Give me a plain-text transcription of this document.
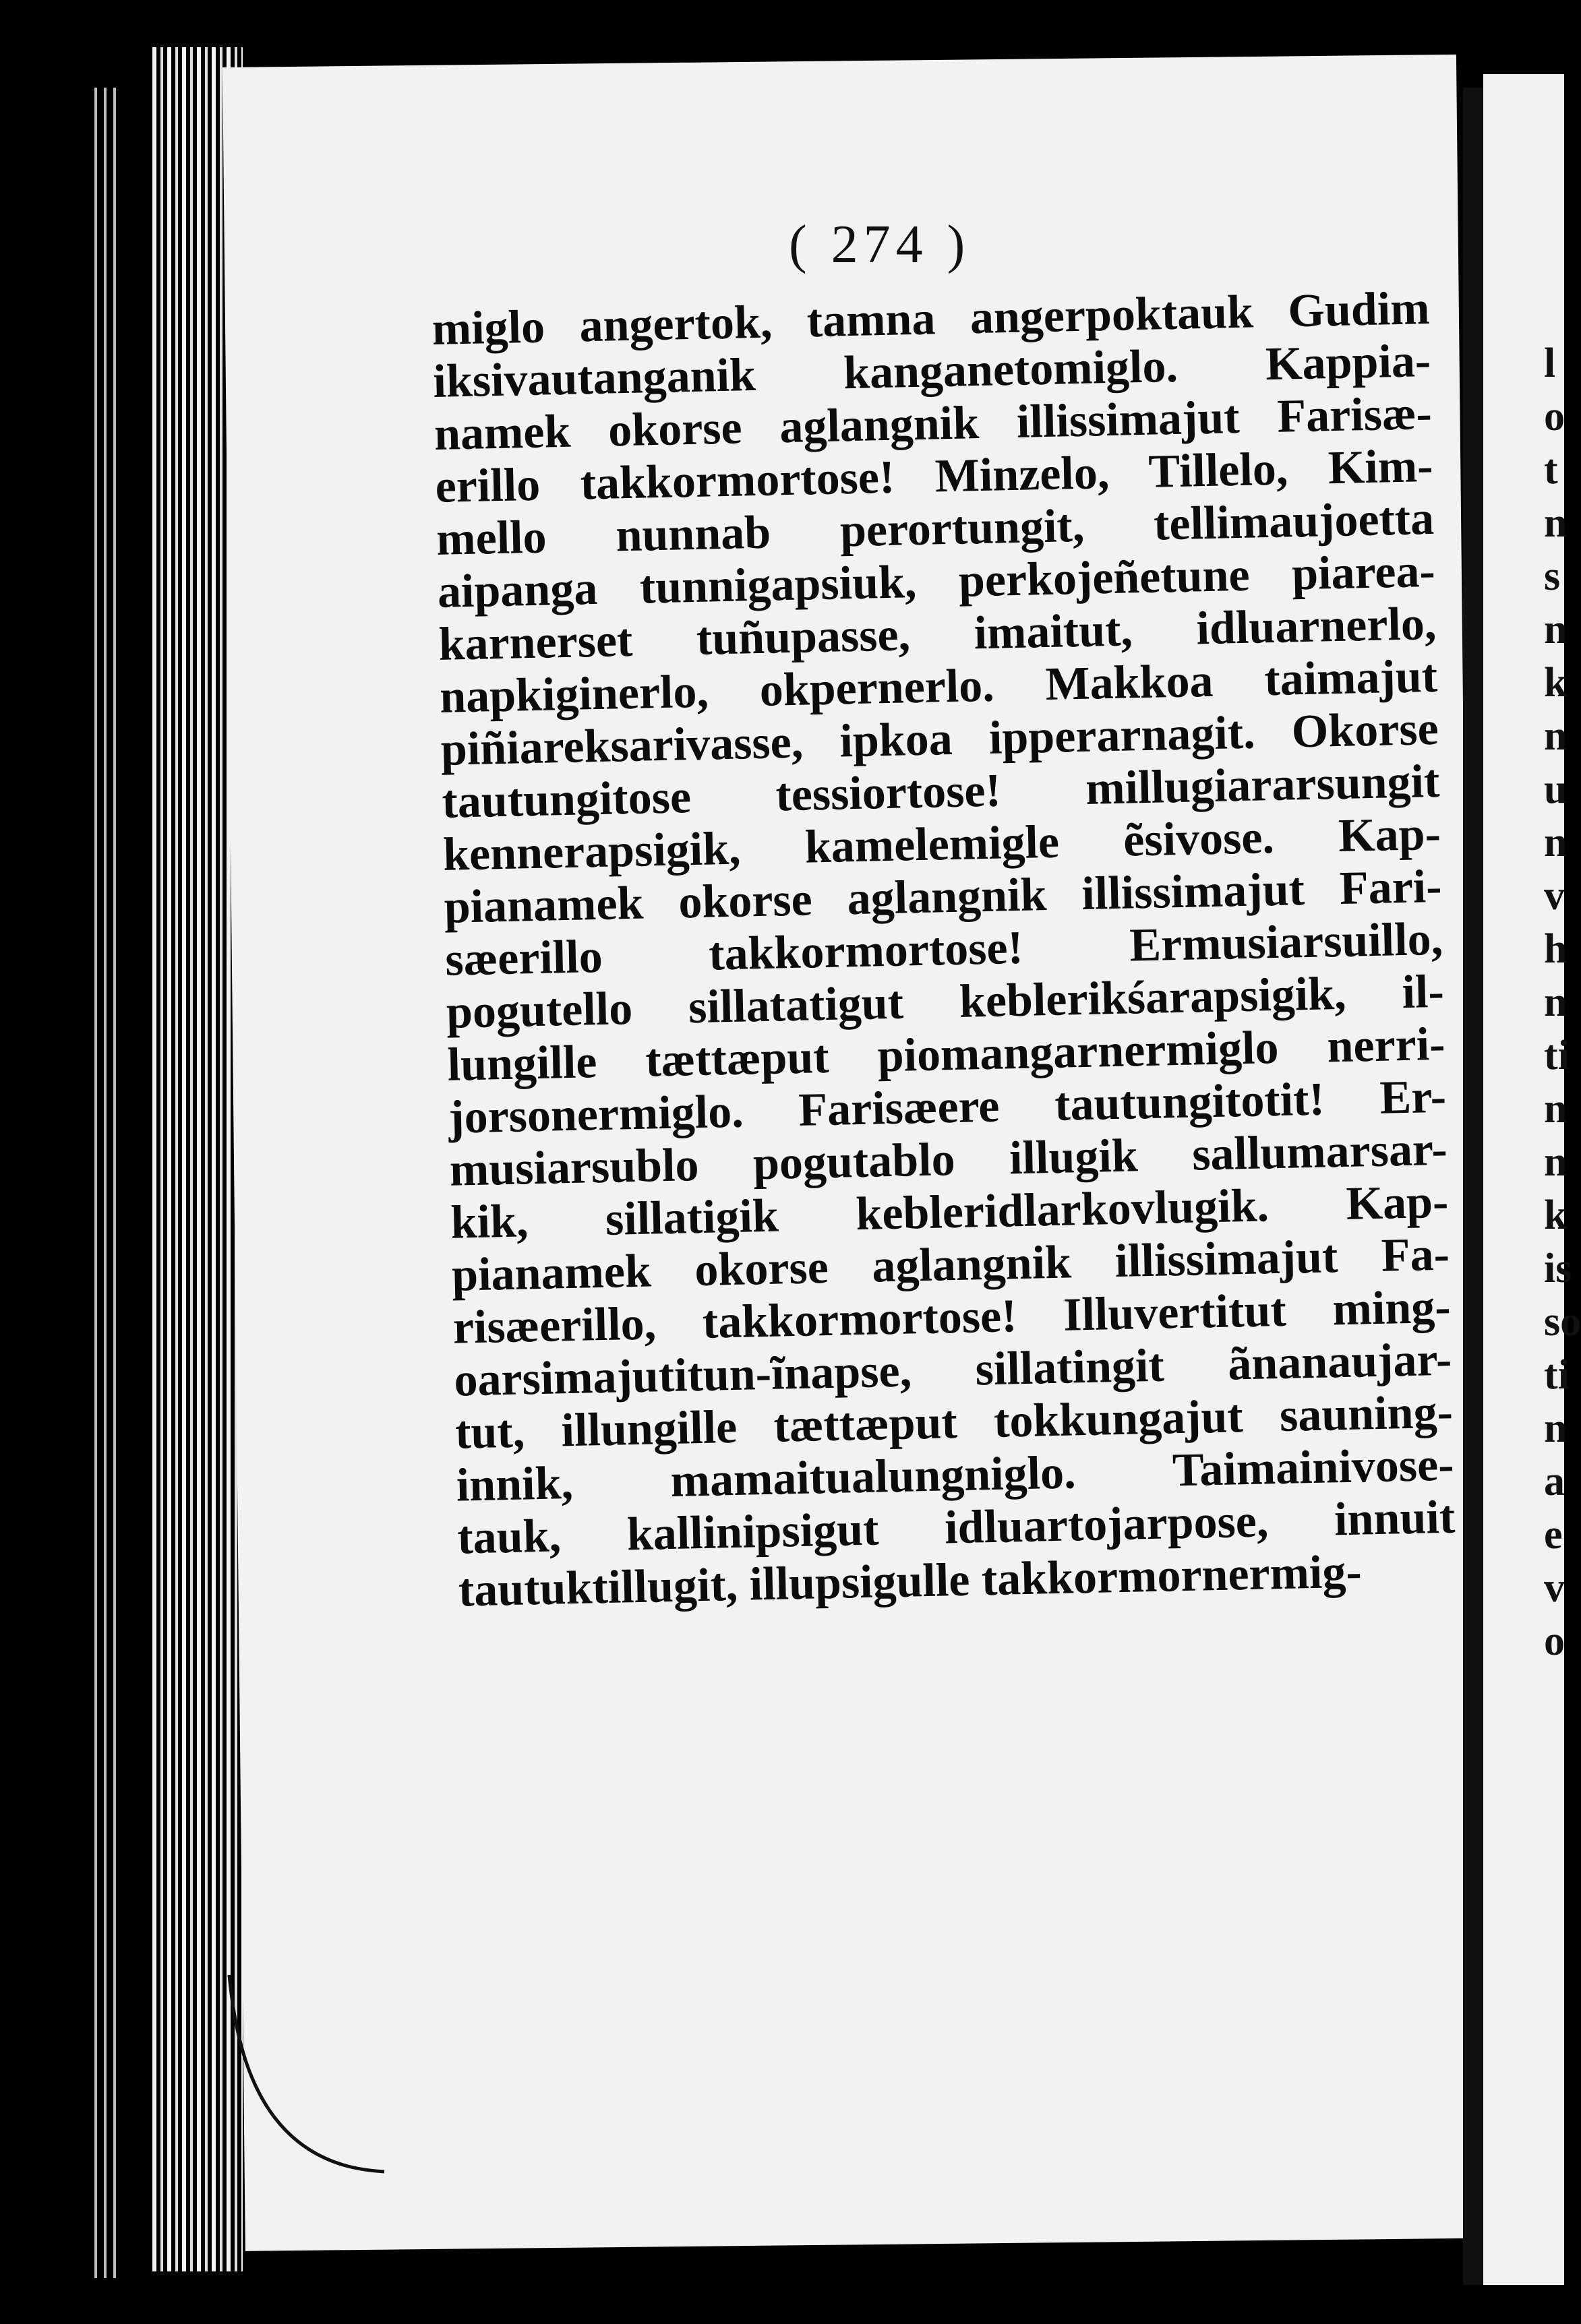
l
o
t
n
s
n
k
n
u
n
v
h
n
ti
n
n
k
is
so
ti
n
a
e
v
o
( 274 )
miglo angertok, tamna angerpoktauk Gudim
iksivautanganik kanganetomiglo. Kappia-
namek okorse aglangnik illissimajut Farisæ-
erillo takkormortose! Minzelo, Tillelo, Kim-
mello nunnab perortungit, tellimaujoetta
aipanga tunnigapsiuk, perkojeñetune piarea-
karnerset tuñupasse, imaitut, idluarnerlo,
napkiginerlo, okpernerlo. Makkoa taimajut
piñiareksarivasse, ipkoa ipperarnagit. Okorse
tautungitose tessiortose! millugiararsungit
kennerapsigik, kamelemigle ẽsivose. Kap-
pianamek okorse aglangnik illissimajut Fari-
sæerillo takkormortose! Ermusiarsuillo,
pogutello sillatatigut keblerikśarapsigik, il-
lungille tættæput piomangarnermiglo nerri-
jorsonermiglo. Farisæere tautungitotit! Er-
musiarsublo pogutablo illugik sallumarsar-
kik, sillatigik kebleridlarkovlugik. Kap-
pianamek okorse aglangnik illissimajut Fa-
risæerillo, takkormortose! Illuvertitut ming-
oarsimajutitun-ĩnapse, sillatingit ãnanaujar-
tut, illungille tættæput tokkungajut sauning-
innik, mamaitualungniglo. Taimainivose-
tauk, kallinipsigut idluartojarpose, innuit
tautuktillugit, illupsigulle takkormornermig-
